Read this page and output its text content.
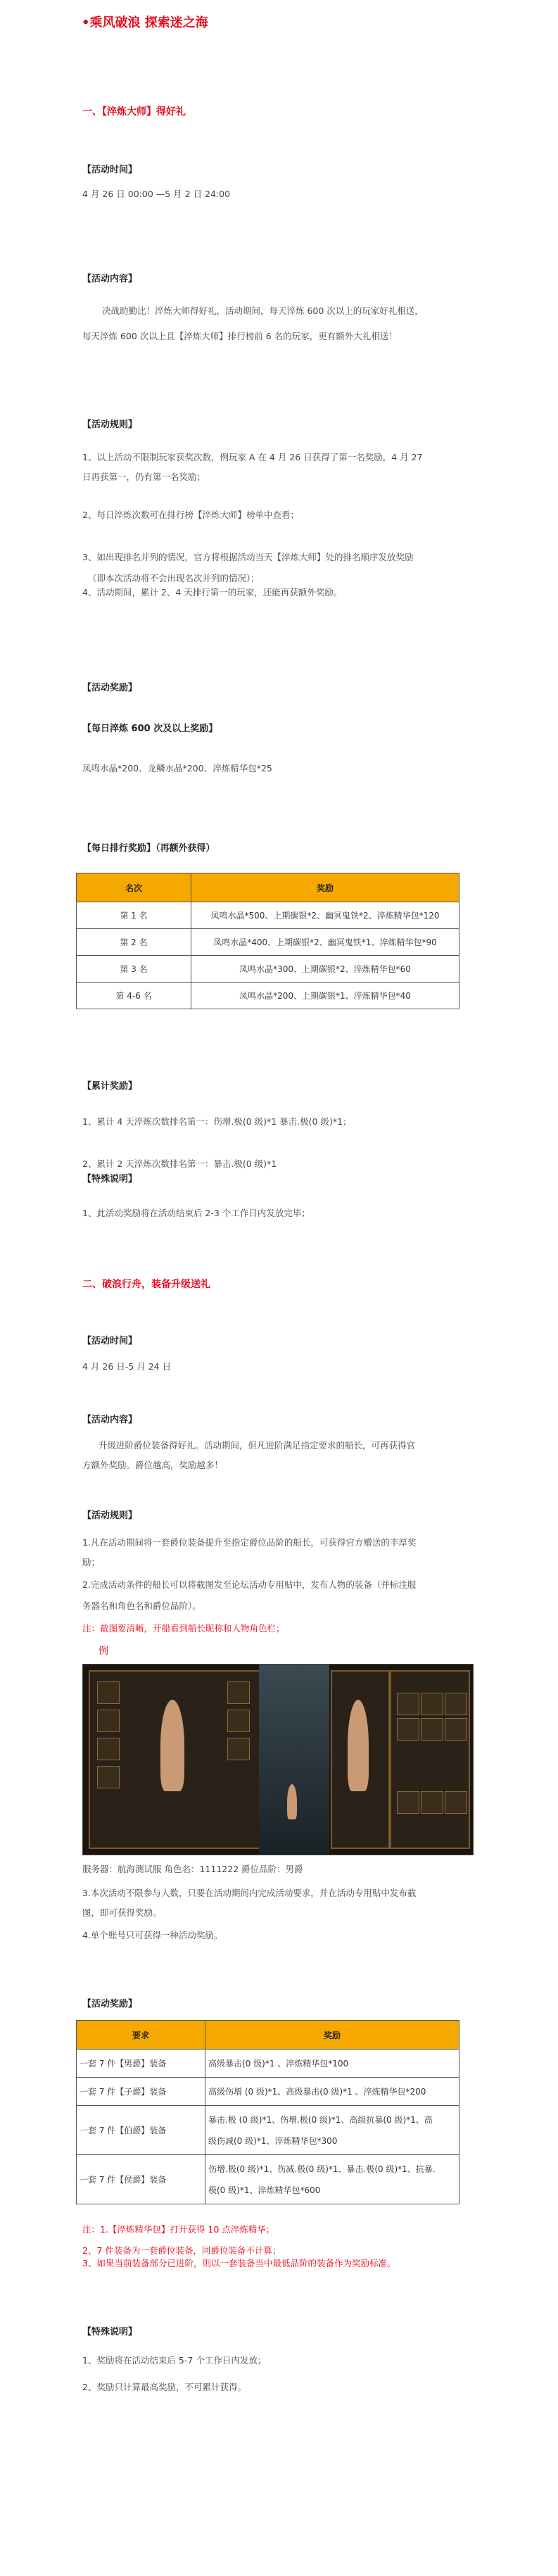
•乘风破浪 探索迷之海
一、【淬炼大师】得好礼
【活动时间】
4 月 26 日 00:00 —5 月 2 日 24:00
【活动内容】
决战助勤比！淬炼大师得好礼，活动期间，每天淬炼 600 次以上的玩家好礼相送，
每天淬炼 600 次以上且【淬炼大师】排行榜前 6 名的玩家，更有额外大礼相送！
【活动规则】
1、以上活动不限制玩家获奖次数，例玩家 A 在 4 月 26 日获得了第一名奖励，4 月 27
日再获第一，仍有第一名奖励；
2、每日淬炼次数可在排行榜【淬炼大师】榜单中查看；
3、如出现排名并列的情况，官方将根据活动当天【淬炼大师】处的排名顺序发放奖励
（即本次活动将不会出现名次并列的情况）；
4、活动期间，累计 2、4 天排行第一的玩家，还能再获额外奖励。
【活动奖励】
【每日淬炼 600 次及以上奖励】
凤鸣水晶*200、龙鳞水晶*200、淬炼精华包*25
【每日排行奖励】（再额外获得）
名次	奖励
第 1 名	凤鸣水晶*500、上期碳银*2、幽冥鬼铁*2、淬炼精华包*120
第 2 名	凤鸣水晶*400、上期碳银*2、幽冥鬼铁*1、淬炼精华包*90
第 3 名	凤鸣水晶*300、上期碳银*2、淬炼精华包*60
第 4-6 名	凤鸣水晶*200、上期碳银*1、淬炼精华包*40
【累计奖励】
1、累计 4 天淬炼次数排名第一：伤增.极(0 级)*1 暴击.极(0 级)*1；
2、累计 2 天淬炼次数排名第一：暴击.极(0 级)*1
【特殊说明】
1、此活动奖励将在活动结束后 2-3 个工作日内发放完毕；
二、破浪行舟，装备升级送礼
【活动时间】
4 月 26 日-5 月 24 日
【活动内容】
升级进阶爵位装备得好礼。活动期间，但凡进阶满足指定要求的船长，可再获得官
方额外奖励。爵位越高，奖励越多！
【活动规则】
1.凡在活动期间将一套爵位装备提升至指定爵位品阶的船长，可获得官方赠送的丰厚奖
励；
2.完成活动条件的船长可以将截图发至论坛活动专用贴中，发布人物的装备（并标注服
务器名和角色名和爵位品阶）。
注：截图要清晰，开船看到船长昵称和人物角色栏；
例
服务器：航海测试服 角色名：1111222 爵位品阶：男爵
3.本次活动不限参与人数，只要在活动期间内完成活动要求，并在活动专用贴中发布截
图，即可获得奖励。
4.单个账号只可获得一种活动奖励。
【活动奖励】
要求	奖励
一套 7 件【男爵】装备	高级暴击(0 级)*1 、淬炼精华包*100
一套 7 件【子爵】装备	高级伤增 (0 级)*1、高级暴击(0 级)*1 、淬炼精华包*200
一套 7 件【伯爵】装备	暴击.极 (0 级)*1、伤增.极(0 级)*1、高级抗暴(0 级)*1、高
级伤减(0 级)*1、淬炼精华包*300

一套 7 件【侯爵】装备	伤增.极(0 级)*1、伤减.极(0 级)*1、暴击.极(0 级)*1、抗暴.
极(0 级)*1、淬炼精华包*600
注：1.【淬炼精华包】打开获得 10 点淬炼精华；
2、7 件装备为一套爵位装备，同爵位装备不计算；
3、如果当前装备部分已进阶，则以一套装备当中最低品阶的装备作为奖励标准。
【特殊说明】
1、奖励将在活动结束后 5-7 个工作日内发放；
2、奖励只计算最高奖励，不可累计获得。
